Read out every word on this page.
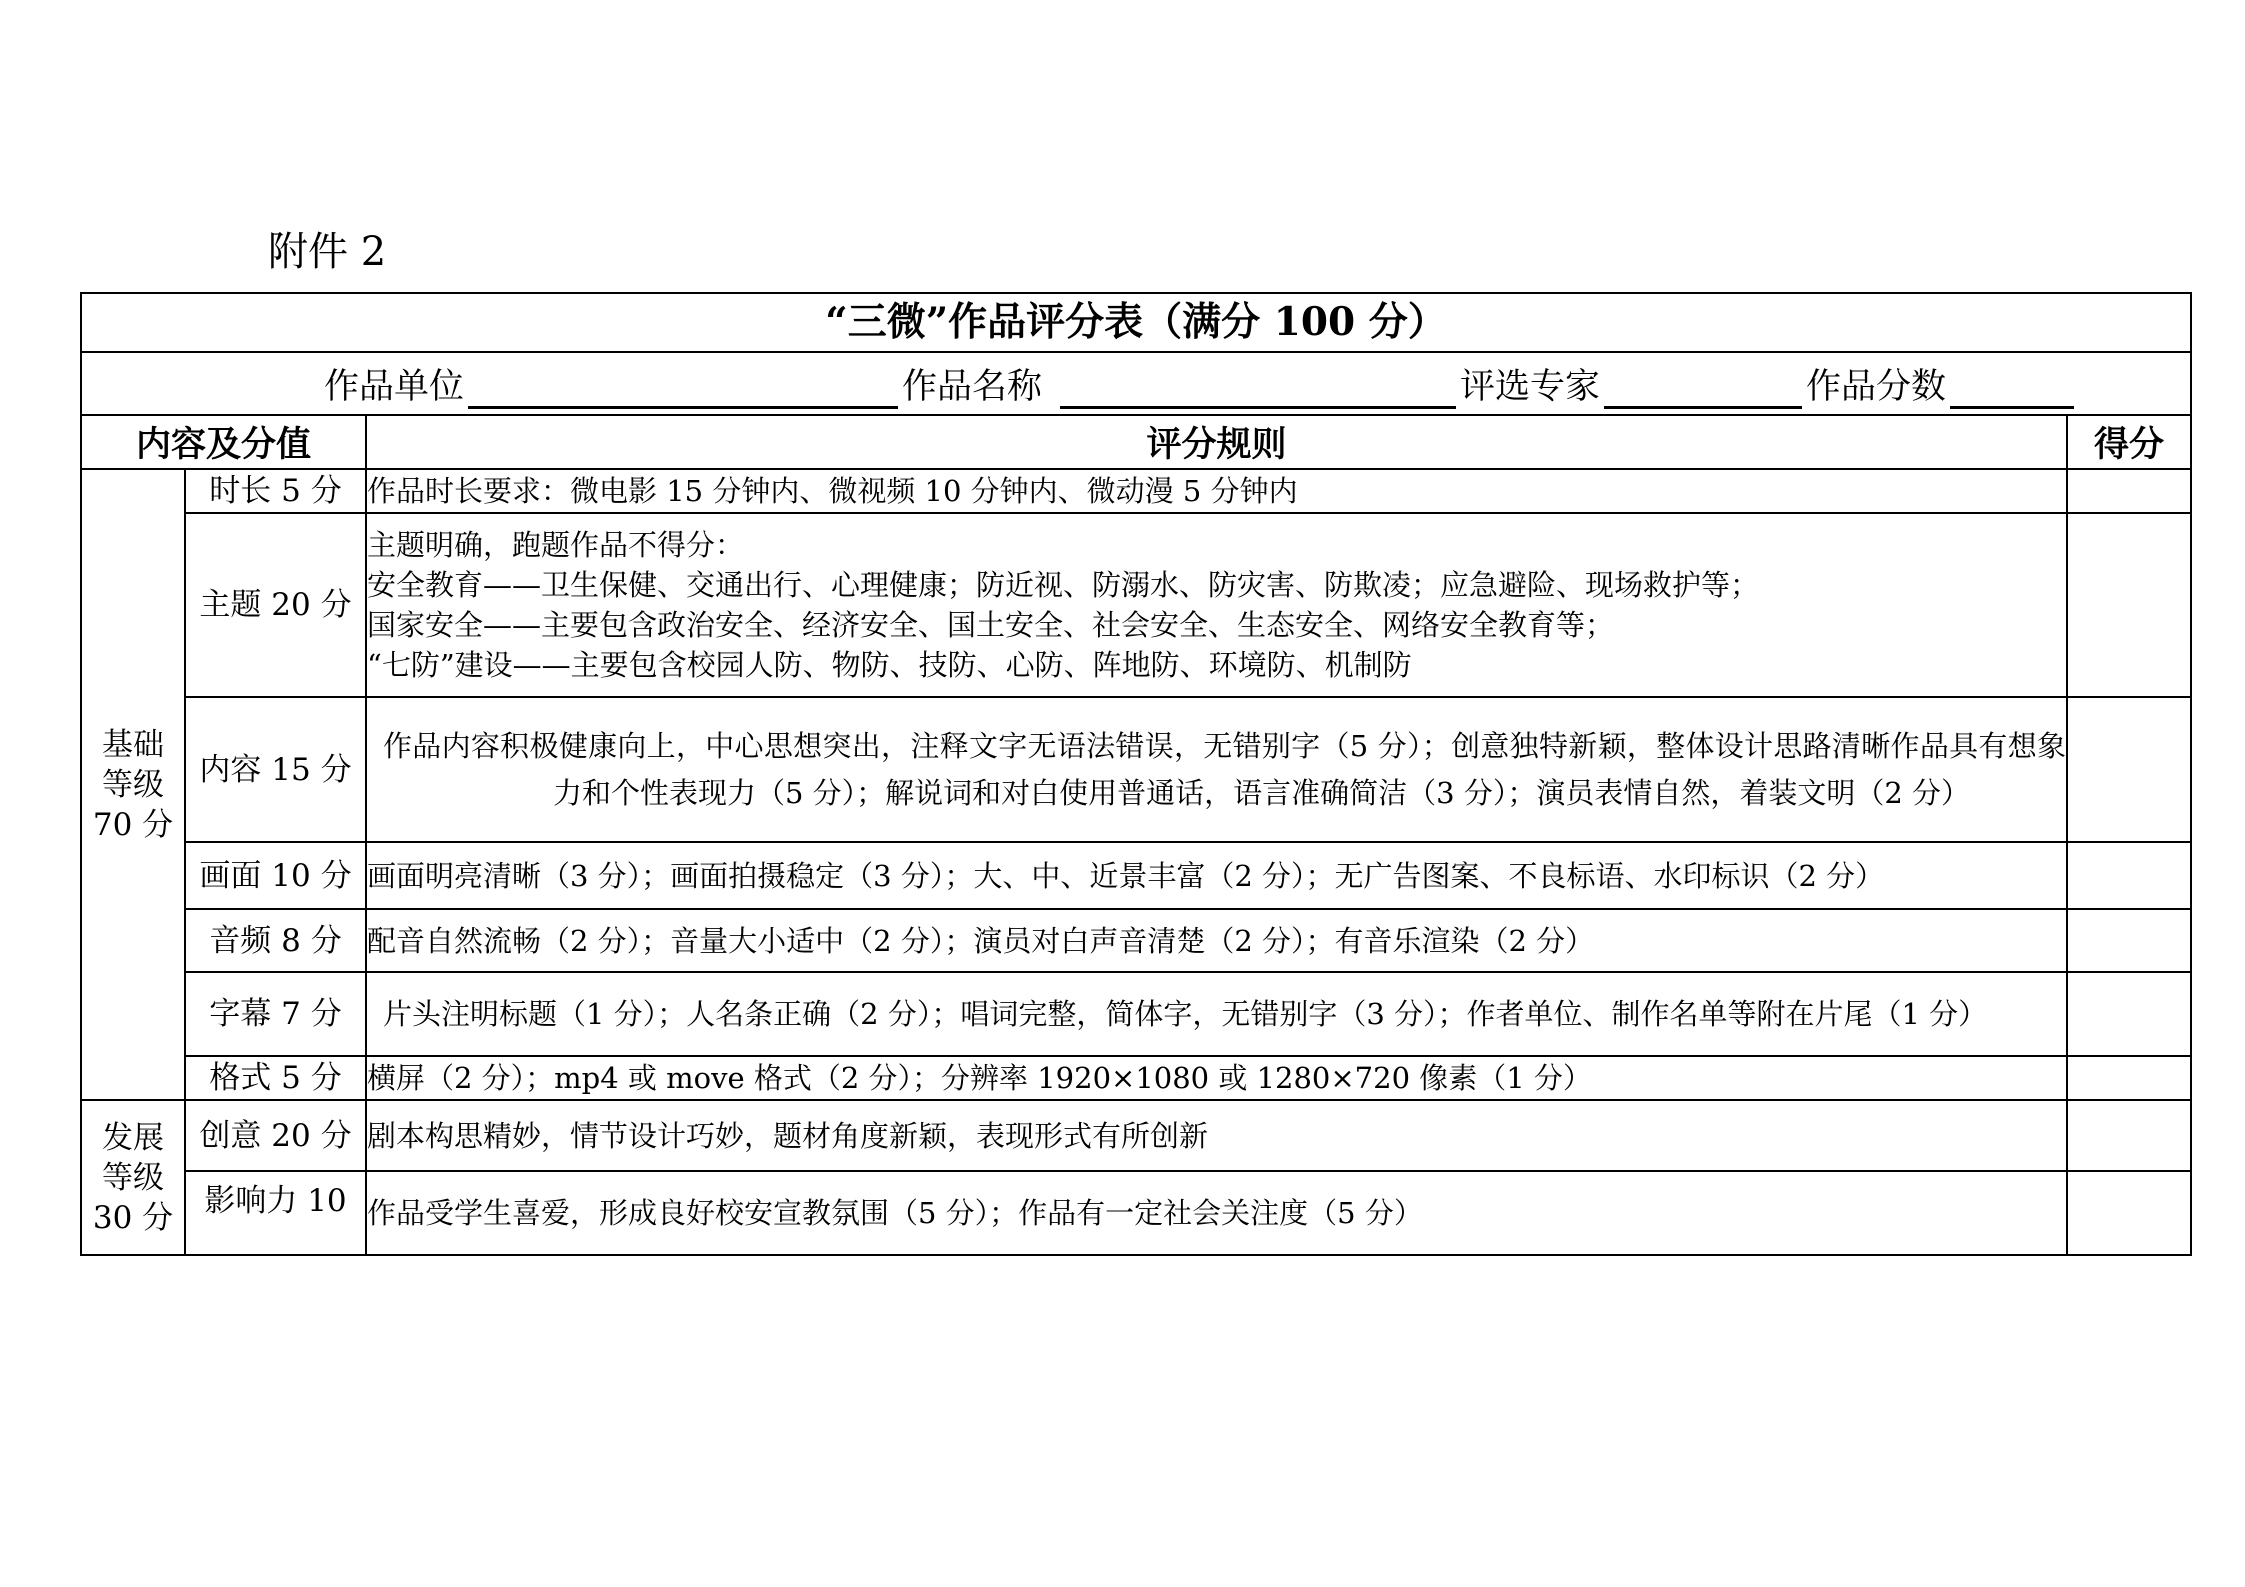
附件 2
“三微”作品评分表（满分 100 分）			

作品单位 作品名称 评选专家 作品分数			

内容及分值		评分规则	得分

基础
等级
70 分	时长 5 分	作品时长要求：微电影 15 分钟内、微视频 10 分钟内、微动漫 5 分钟内	
	主题 20 分	主题明确，跑题作品不得分：
安全教育——卫生保健、交通出行、心理健康；防近视、防溺水、防灾害、防欺凌；应急避险、现场救护等；
国家安全——主要包含政治安全、经济安全、国土安全、社会安全、生态安全、网络安全教育等；
“七防”建设——主要包含校园人防、物防、技防、心防、阵地防、环境防、机制防	

	内容 15 分	作品内容积极健康向上，中心思想突出，注释文字无语法错误，无错别字（5 分）；创意独特新颖，整体设计思路清晰作品具有想象力和个性表现力（5 分）；解说词和对白使用普通话，语言准确简洁（3 分）；演员表情自然，着装文明（2 分）	

	画面 10 分	画面明亮清晰（3 分）；画面拍摄稳定（3 分）；大、中、近景丰富（2 分）；无广告图案、不良标语、水印标识（2 分）	
	音频 8 分	配音自然流畅（2 分）；音量大小适中（2 分）；演员对白声音清楚（2 分）；有音乐渲染（2 分）	
	字幕 7 分	片头注明标题（1 分）；人名条正确（2 分）；唱词完整，简体字，无错别字（3 分）；作者单位、制作名单等附在片尾（1 分）	

	格式 5 分	横屏（2 分）；mp4 或 move 格式（2 分）；分辨率 1920×1080 或 1280×720 像素（1 分）	

发展
等级
30 分	创意 20 分	剧本构思精妙，情节设计巧妙，题材角度新颖，表现形式有所创新	
	影响力 10	作品受学生喜爱，形成良好校安宣教氛围（5 分）；作品有一定社会关注度（5 分）	
